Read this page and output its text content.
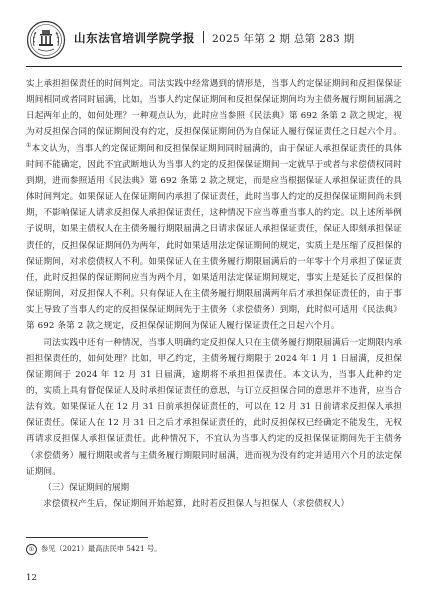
山东法官培训学院学报 2025 年第 2 期 总第 283 期

实上承担担保责任的时间判定。司法实践中经常遇到的情形是，当事人约定保证期间和反担保保证期间相同或者同时届满，比如，当事人约定保证期间和反担保保证期间均为主债务履行期间届满之日起两年止的，如何处理？一种观点认为，此时应当参照《民法典》第 692 条第 2 款之规定，视为对反担保合同的保证期间没有约定，反担保保证期间仍为自保证人履行保证责任之日起六个月。①本文认为，当事人约定保证期间和反担保保证期间同时届满的，由于保证人承担保证责任的具体时间不能确定，因此不宜武断地认为当事人约定的反担保保证期间一定就早于或者与求偿债权同时到期，进而参照适用《民法典》第 692 条第 2 款之规定，而是应当根据保证人承担保证责任的具体时间判定。如果保证人在保证期间内承担了保证责任，此时当事人约定的反担保保证期间尚未到期，不影响保证人请求反担保人承担保证责任，这种情况下应当尊重当事人的约定。以上述所举例子说明，如果主债权人在主债务履行期限届满之日请求保证人承担保证责任，保证人即刻承担保证责任的，反担保保证期间仍为两年，此时如果适用法定保证期间的规定，实质上是压缩了反担保的保证期间，对求偿债权人不利。如果保证人在主债务履行期限届满后的一年零十个月承担了保证责任，此时反担保的保证期间应当为两个月，如果适用法定保证期间规定，事实上是延长了反担保的保证期间，对反担保人不利。只有保证人在主债务履行期限届满两年后才承担保证责任的，由于事实上导致了当事人约定的反担保保证期间先于主债务（求偿债务）到期，此时似可适用《民法典》第 692 条第 2 款之规定，反担保保证期间为保证人履行保证责任之日起六个月。

司法实践中还有一种情况，当事人明确约定反担保人只在主债务履行期限届满后一定期限内承担担保责任的，如何处理？比如，甲乙约定，主债务履行期限于 2024 年 1 月 1 日届满，反担保保证期间于 2024 年 12 月 31 日届满，逾期将不承担担保责任。本文认为，当事人此种约定的，实质上具有督促保证人及时承担保证责任的意思，与订立反担保合同的意思并不违背，应当合法有效。如果保证人在 12 月 31 日前承担保证责任的，可以在 12 月 31 日前请求反担保人承担保证责任。保证人在 12 月 31 日之后才承担保证责任的，此时反担保权已经确定不能发生，无权再请求反担保人承担保证责任。此种情况下，不宜认为当事人约定的反担保保证期间先于主债务（求偿债务）履行期限或者与主债务履行期限同时届满，进而视为没有约定并适用六个月的法定保证期间。

（三）保证期间的展期

求偿债权产生后，保证期间开始起算，此时若反担保人与担保人（求偿债权人）

① 参见（2021）最高法民申 5421 号。
12
